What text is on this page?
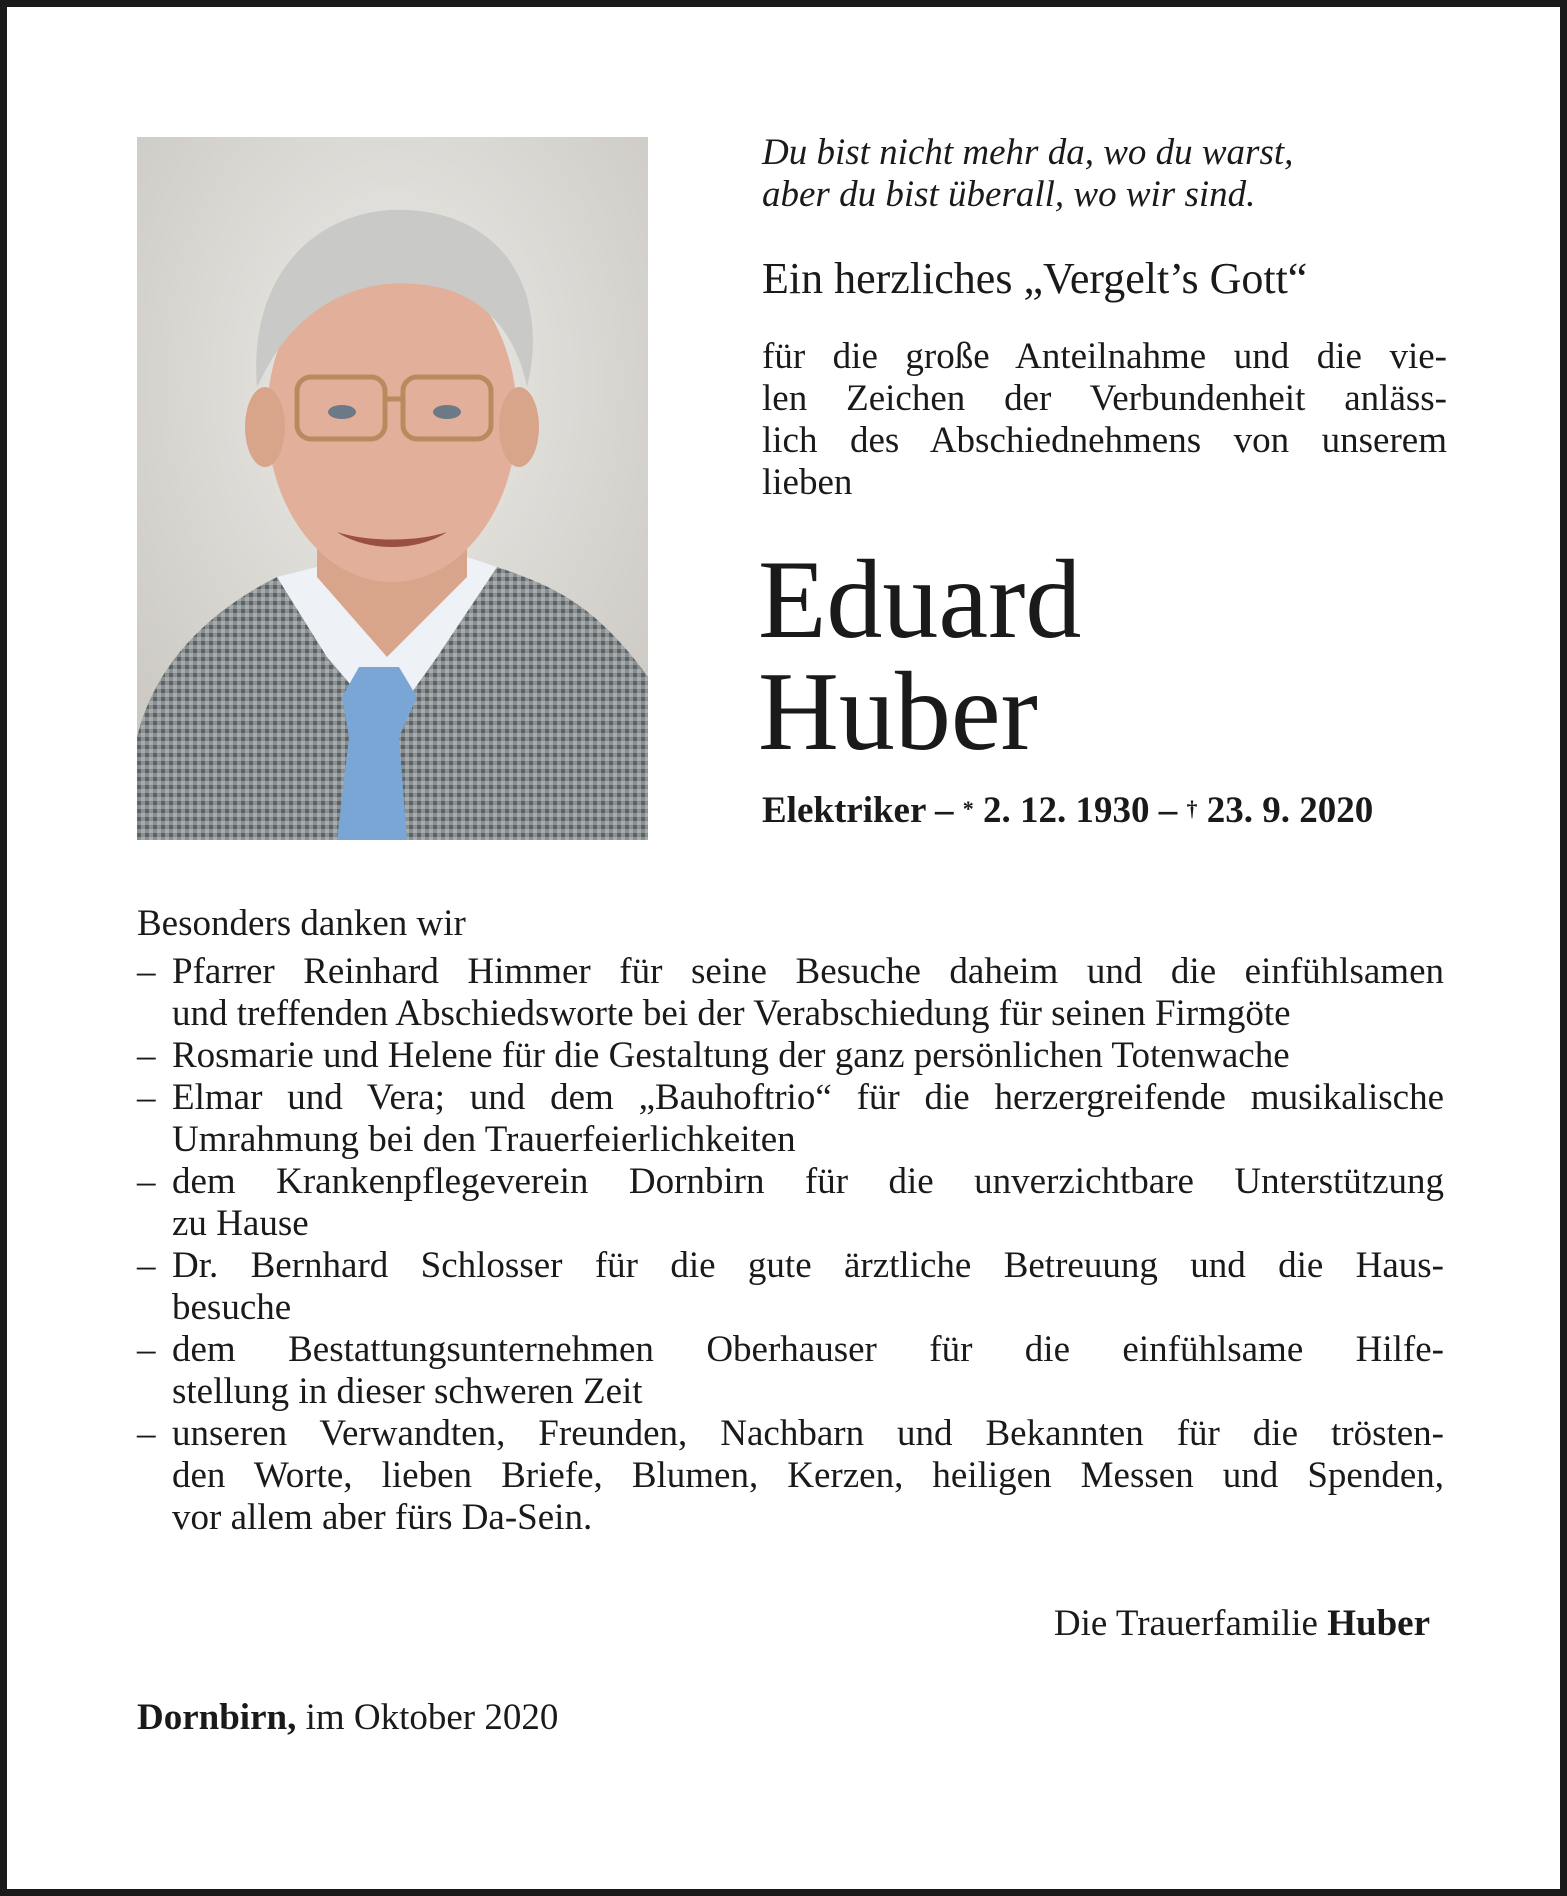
Du bist nicht mehr da, wo du warst,
aber du bist überall, wo wir sind.

Ein herzliches „Vergelt’s Gott“

für die große Anteilnahme und die vie-
len Zeichen der Verbundenheit anläss-
lich des Abschiednehmens von unserem
lieben

Eduard
Huber

Elektriker – * 2. 12. 1930 – † 23. 9. 2020

Besonders danken wir

– Pfarrer Reinhard Himmer für seine Besuche daheim und die einfühlsamen
und treffenden Abschiedsworte bei der Verabschiedung für seinen Firmgöte
– Rosmarie und Helene für die Gestaltung der ganz persönlichen Totenwache
– Elmar und Vera; und dem „Bauhoftrio“ für die herzergreifende musikalische
Umrahmung bei den Trauerfeierlichkeiten
– dem Krankenpflegeverein Dornbirn für die unverzichtbare Unterstützung
zu Hause
– Dr. Bernhard Schlosser für die gute ärztliche Betreuung und die Haus-
besuche
– dem Bestattungsunternehmen Oberhauser für die einfühlsame Hilfe-
stellung in dieser schweren Zeit
– unseren Verwandten, Freunden, Nachbarn und Bekannten für die trösten-
den Worte, lieben Briefe, Blumen, Kerzen, heiligen Messen und Spenden,
vor allem aber fürs Da-Sein.
Die Trauerfamilie Huber
Dornbirn, im Oktober 2020
